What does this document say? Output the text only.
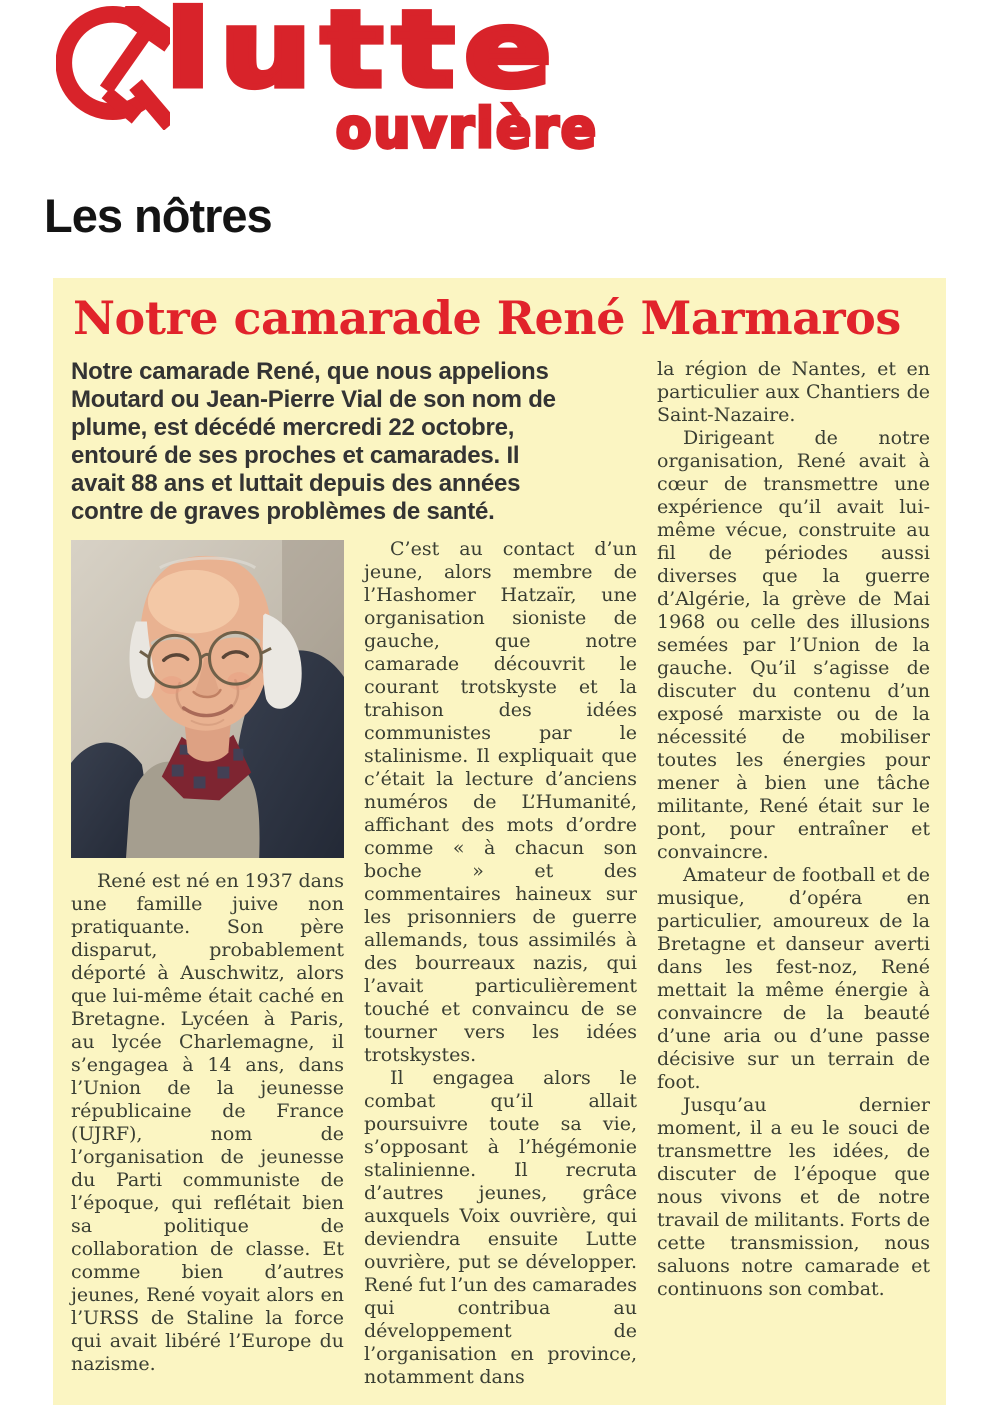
lutte
ouvrière
Les nôtres
Notre camarade René Marmaros
Notre camarade René, que nous appelions Moutard ou Jean-Pierre Vial de son nom de plume, est décédé mercredi 22 octobre, entouré de ses proches et camarades. Il avait 88 ans et luttait depuis des années contre de graves problèmes de santé.

René est né en 1937 dans une famille juive non pratiquante. Son père disparut, probablement déporté à Auschwitz, alors que lui-même était caché en Bretagne. Lycéen à Paris, au lycée Charlemagne, il s’engagea à 14 ans, dans l’Union de la jeunesse républicaine de France (UJRF), nom de l’organisation de jeunesse du Parti communiste de l’époque, qui reflétait bien sa politique de collaboration de classe. Et comme bien d’autres jeunes, René voyait alors en l’URSS de Staline la force qui avait libéré l’Europe du nazisme.

C’est au contact d’un jeune, alors membre de l’Hashomer Hatzaïr, une organisation sioniste de gauche, que notre camarade découvrit le courant trotskyste et la trahison des idées communistes par le stalinisme. Il expliquait que c’était la lecture d’anciens numéros de L’Humanité, affichant des mots d’ordre comme « à chacun son boche » et des commentaires haineux sur les prisonniers de guerre allemands, tous assimilés à des bourreaux nazis, qui l’avait particulièrement touché et convaincu de se tourner vers les idées trotskystes.

Il engagea alors le combat qu’il allait poursuivre toute sa vie, s’opposant à l’hégémonie stalinienne. Il recruta d’autres jeunes, grâce auxquels Voix ouvrière, qui deviendra ensuite Lutte ouvrière, put se développer. René fut l’un des camarades qui contribua au développement de l’organisation en province, notamment dans

la région de Nantes, et en particulier aux Chantiers de Saint-Nazaire.

Dirigeant de notre organisation, René avait à cœur de transmettre une expérience qu’il avait lui-même vécue, construite au fil de périodes aussi diverses que la guerre d’Algérie, la grève de Mai 1968 ou celle des illusions semées par l’Union de la gauche. Qu’il s’agisse de discuter du contenu d’un exposé marxiste ou de la nécessité de mobiliser toutes les énergies pour mener à bien une tâche militante, René était sur le pont, pour entraîner et convaincre.

Amateur de football et de musique, d’opéra en particulier, amoureux de la Bretagne et danseur averti dans les fest-noz, René mettait la même énergie à convaincre de la beauté d’une aria ou d’une passe décisive sur un terrain de foot.

Jusqu’au dernier moment, il a eu le souci de transmettre les idées, de discuter de l’époque que nous vivons et de notre travail de militants. Forts de cette transmission, nous saluons notre camarade et continuons son combat.
